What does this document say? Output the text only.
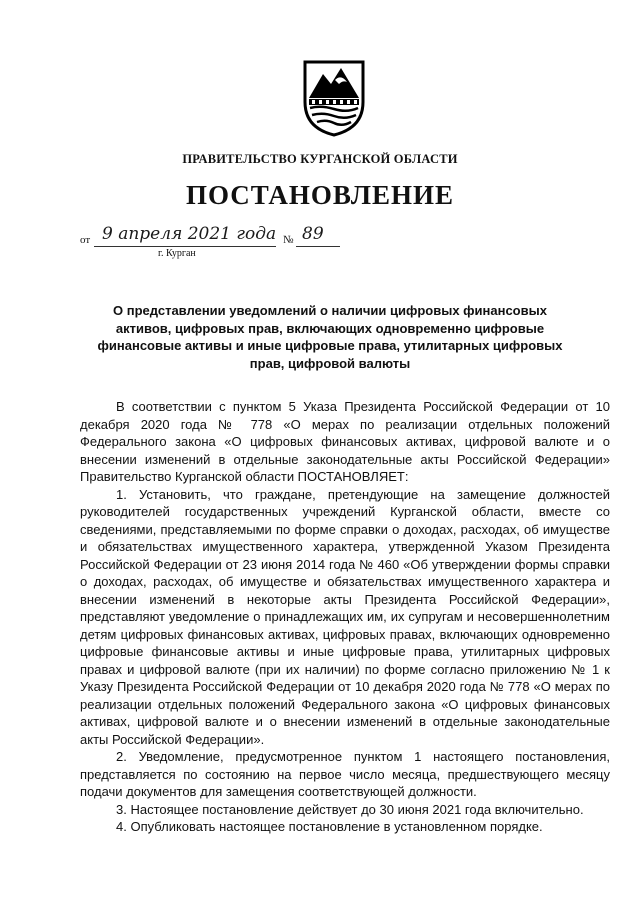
ПРАВИТЕЛЬСТВО КУРГАНСКОЙ ОБЛАСТИ
ПОСТАНОВЛЕНИЕ
от 9 апреля 2021 года № 89
г. Курган
О представлении уведомлений о наличии цифровых финансовых активов, цифровых прав, включающих одновременно цифровые финансовые активы и иные цифровые права, утилитарных цифровых прав, цифровой валюты

В соответствии с пунктом 5 Указа Президента Российской Федерации от 10 декабря 2020 года № 778 «О мерах по реализации отдельных положений Федерального закона «О цифровых финансовых активах, цифровой валюте и о внесении изменений в отдельные законодательные акты Российской Федерации» Правительство Курганской области ПОСТАНОВЛЯЕТ:

1. Установить, что граждане, претендующие на замещение должностей руководителей государственных учреждений Курганской области, вместе со сведениями, представляемыми по форме справки о доходах, расходах, об имуществе и обязательствах имущественного характера, утвержденной Указом Президента Российской Федерации от 23 июня 2014 года № 460 «Об утверждении формы справки о доходах, расходах, об имуществе и обязательствах имущественного характера и внесении изменений в некоторые акты Президента Российской Федерации», представляют уведомление о принадлежащих им, их супругам и несовершеннолетним детям цифровых финансовых активах, цифровых правах, включающих одновременно цифровые финансовые активы и иные цифровые права, утилитарных цифровых правах и цифровой валюте (при их наличии) по форме согласно приложению № 1 к Указу Президента Российской Федерации от 10 декабря 2020 года № 778 «О мерах по реализации отдельных положений Федерального закона «О цифровых финансовых активах, цифровой валюте и о внесении изменений в отдельные законодательные акты Российской Федерации».

2. Уведомление, предусмотренное пунктом 1 настоящего постановления, представляется по состоянию на первое число месяца, предшествующего месяцу подачи документов для замещения соответствующей должности.

3. Настоящее постановление действует до 30 июня 2021 года включительно.

4. Опубликовать настоящее постановление в установленном порядке.
